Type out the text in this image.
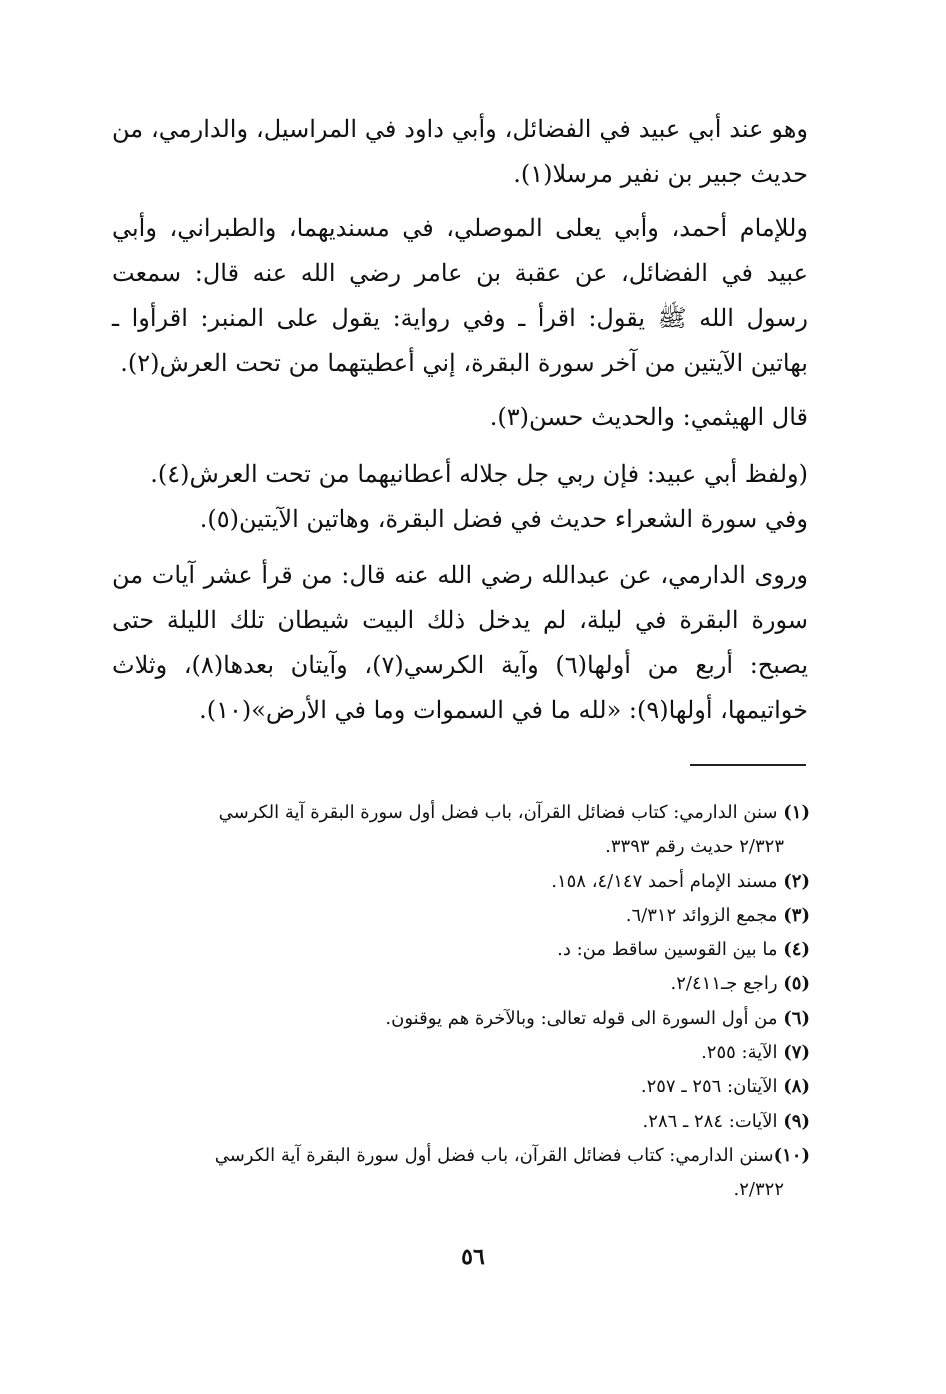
وهو عند أبي عبيد في الفضائل، وأبي داود في المراسيل، والدارمي، من حديث جبير بن نفير مرسلا(١).
وللإمام أحمد، وأبي يعلى الموصلي، في مسنديهما، والطبراني، وأبي عبيد في الفضائل، عن عقبة بن عامر رضي الله عنه قال: سمعت رسول الله ﷺ يقول: اقرأ ـ وفي رواية: يقول على المنبر: اقرأوا ـ بهاتين الآيتين من آخر سورة البقرة، إني أعطيتهما من تحت العرش(٢).
قال الهيثمي: والحديث حسن(٣).
(ولفظ أبي عبيد: فإن ربي جل جلاله أعطانيهما من تحت العرش(٤).
وفي سورة الشعراء حديث في فضل البقرة، وهاتين الآيتين(٥).
وروى الدارمي، عن عبدالله رضي الله عنه قال: من قرأ عشر آيات من سورة البقرة في ليلة، لم يدخل ذلك البيت شيطان تلك الليلة حتى يصبح: أربع من أولها(٦) وآية الكرسي(٧)، وآيتان بعدها(٨)، وثلاث خواتيمها، أولها(٩): «لله ما في السموات وما في الأرض»(١٠).
(١) سنن الدارمي: كتاب فضائل القرآن، باب فضل أول سورة البقرة آية الكرسي
٢/٣٢٣ حديث رقم ٣٣٩٣.
(٢) مسند الإمام أحمد ٤/١٤٧، ١٥٨.
(٣) مجمع الزوائد ٦/٣١٢.
(٤) ما بين القوسين ساقط من: د.
(٥) راجع جـ٢/٤١١.
(٦) من أول السورة الى قوله تعالى: وبالآخرة هم يوقنون.
(٧) الآية: ٢٥٥.
(٨) الآيتان: ٢٥٦ ـ ٢٥٧.
(٩) الآيات: ٢٨٤ ـ ٢٨٦.
(١٠)سنن الدارمي: كتاب فضائل القرآن، باب فضل أول سورة البقرة آية الكرسي
٢/٣٢٢.
٥٦
